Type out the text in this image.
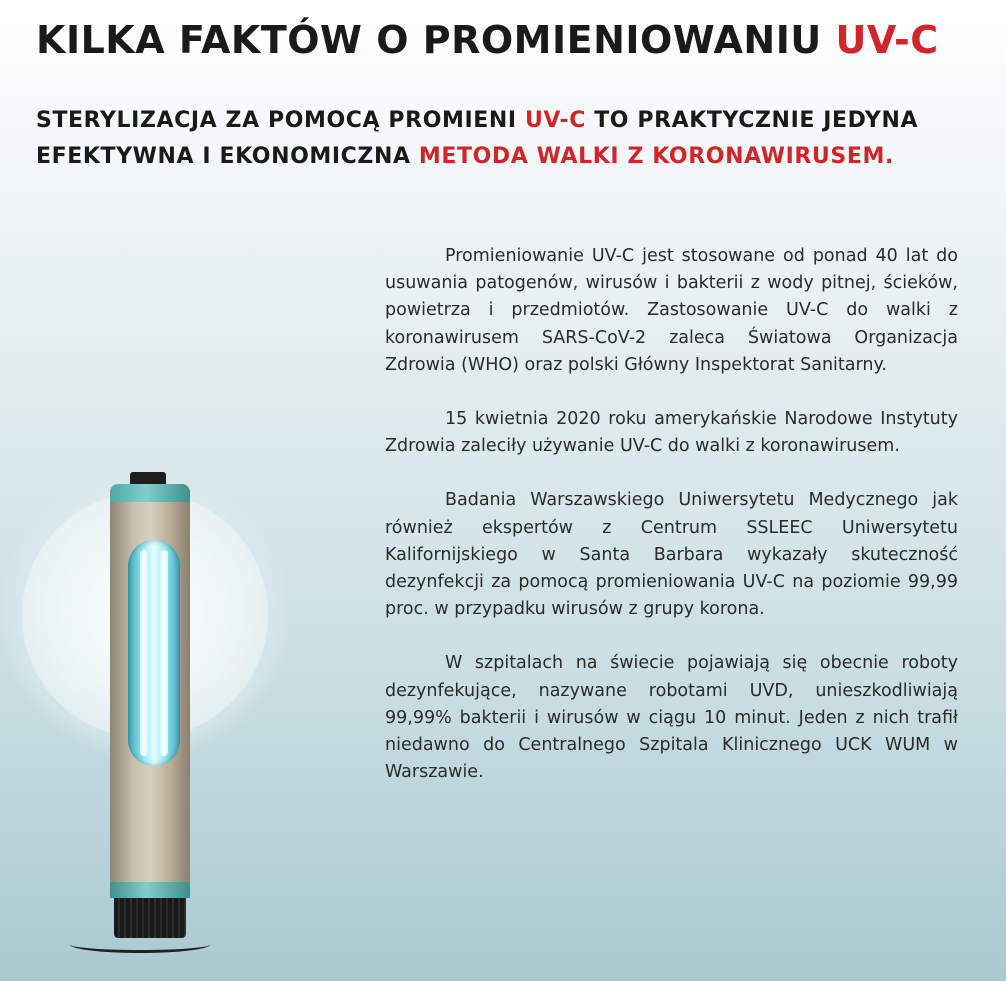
KILKA FAKTÓW O PROMIENIOWANIU UV-C
STERYLIZACJA ZA POMOCĄ PROMIENI UV-C TO PRAKTYCZNIE JEDYNA
EFEKTYWNA I EKONOMICZNA METODA WALKI Z KORONAWIRUSEM.

Promieniowanie UV-C jest stosowane od ponad 40 lat do usuwania patogenów, wirusów i bakterii z wody pitnej, ścieków, powietrza i przedmiotów. Zastosowanie UV-C do walki z koronawirusem SARS-CoV-2 zaleca Światowa Organizacja Zdrowia (WHO) oraz polski Główny Inspektorat Sanitarny.

15 kwietnia 2020 roku amerykańskie Narodowe Instytuty Zdrowia zaleciły używanie UV-C do walki z koronawirusem.

Badania Warszawskiego Uniwersytetu Medycznego jak również ekspertów z Centrum SSLEEC Uniwersytetu Kalifornijskiego w Santa Barbara wykazały skuteczność dezynfekcji za pomocą promieniowania UV-C na poziomie 99,99 proc. w przypadku wirusów z grupy korona.

W szpitalach na świecie pojawiają się obecnie roboty dezynfekujące, nazywane robotami UVD, unieszkodliwiają 99,99% bakterii i wirusów w ciągu 10 minut. Jeden z nich trafił niedawno do Centralnego Szpitala Klinicznego UCK WUM w Warszawie.
